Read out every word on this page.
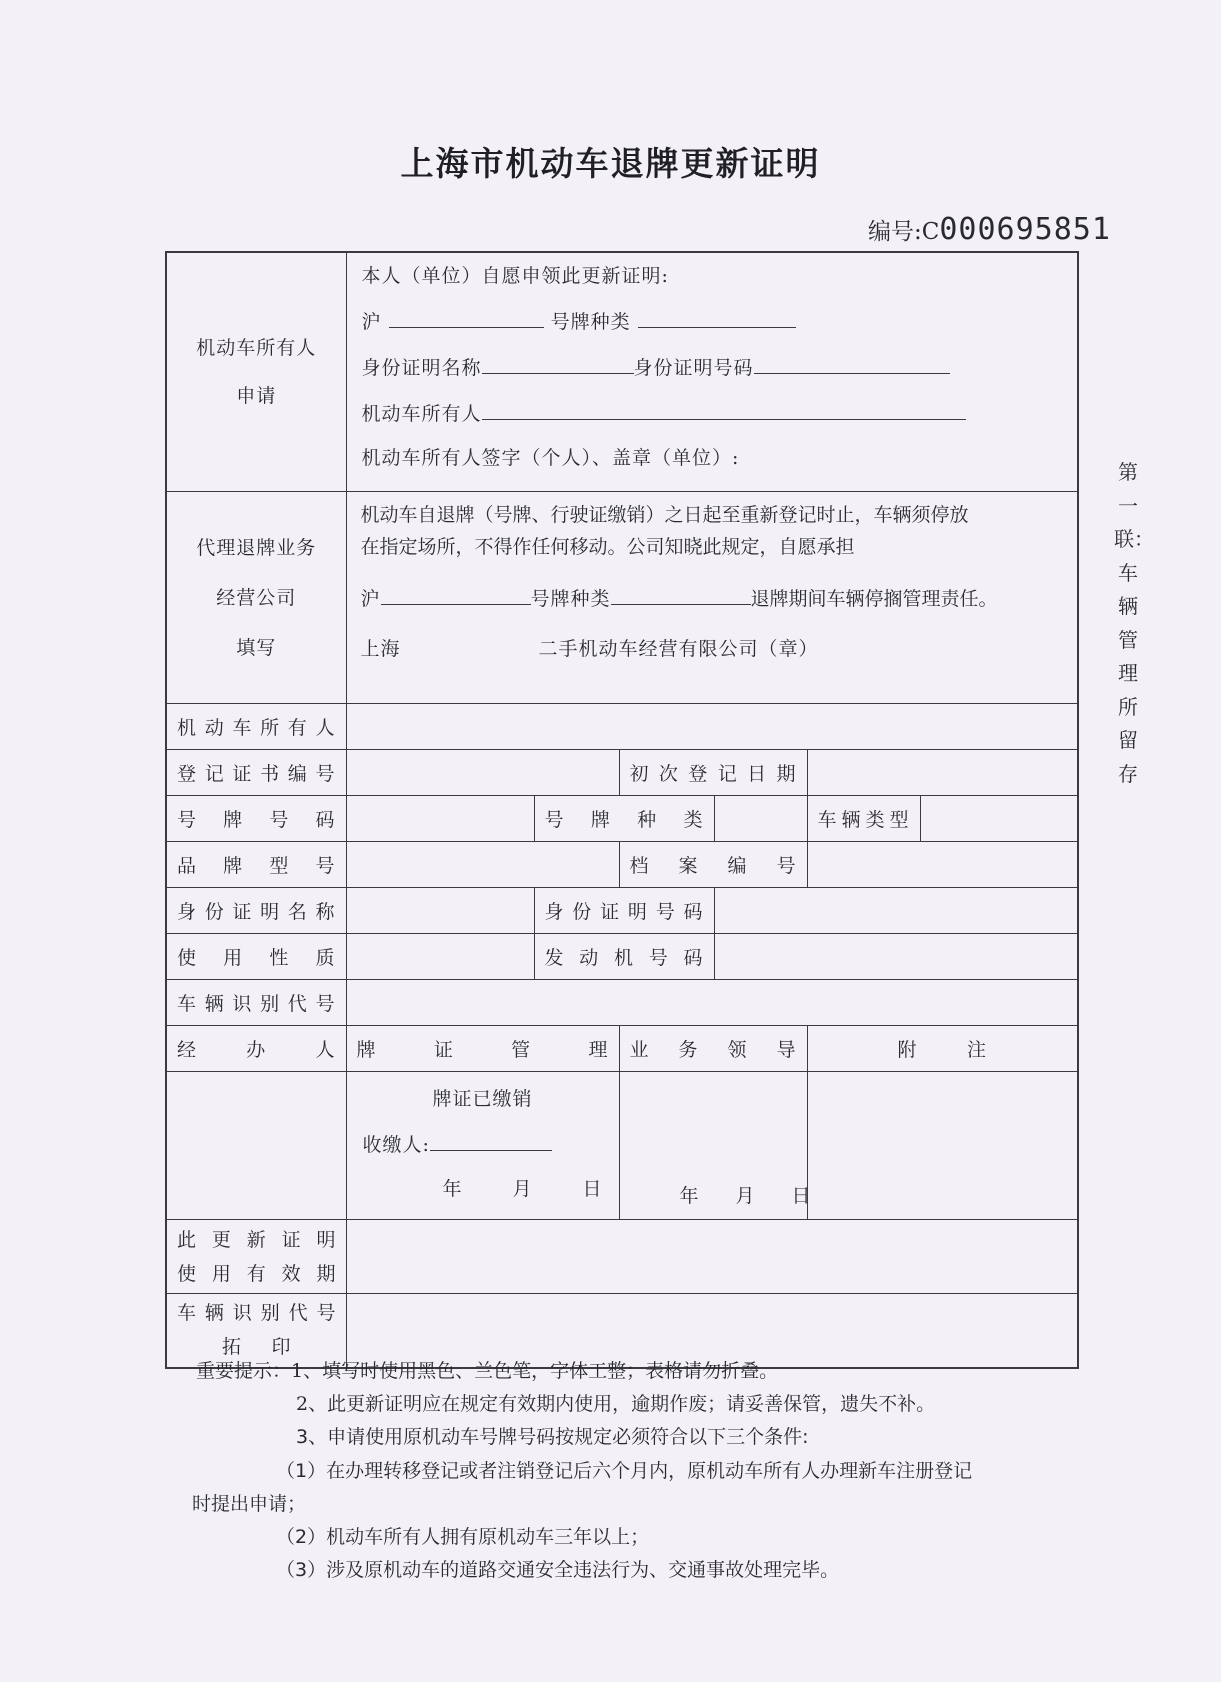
上海市机动车退牌更新证明
编号:C000695851
机动车所有人
申请	本人（单位）自愿申领此更新证明:
沪 号牌种类
身份证明名称 身份证明号码
机动车所有人
机动车所有人签字（个人）、盖章（单位）:					

代理退牌业务
经营公司
填写	机动车自退牌（号牌、行驶证缴销）之日起至重新登记时止，车辆须停放
在指定场所，不得作任何移动。公司知晓此规定，自愿承担
沪 号牌种类 退牌期间车辆停搁管理责任。
上海 二手机动车经营有限公司（章）					

机动车所有人						
登记证书编号			初次登记日期			
号牌号码		号牌种类			车辆类型	
品牌型号			档案编号			
身份证明名称		身份证明号码				
使用性质		发动机号码				
车辆识别代号						
经办人	牌证管理		业务领导		附注	

	牌证已缴销
收缴人:
年 月 日		年 月 日			

此更新证明
使用有效期						

车辆识别代号
拓印						

第一联：车辆管理所留存
重要提示：1、填写时使用黑色、兰色笔，字体工整；表格请勿折叠。
2、此更新证明应在规定有效期内使用，逾期作废；请妥善保管，遗失不补。
3、申请使用原机动车号牌号码按规定必须符合以下三个条件:
（1）在办理转移登记或者注销登记后六个月内，原机动车所有人办理新车注册登记
时提出申请；
（2）机动车所有人拥有原机动车三年以上；
（3）涉及原机动车的道路交通安全违法行为、交通事故处理完毕。
